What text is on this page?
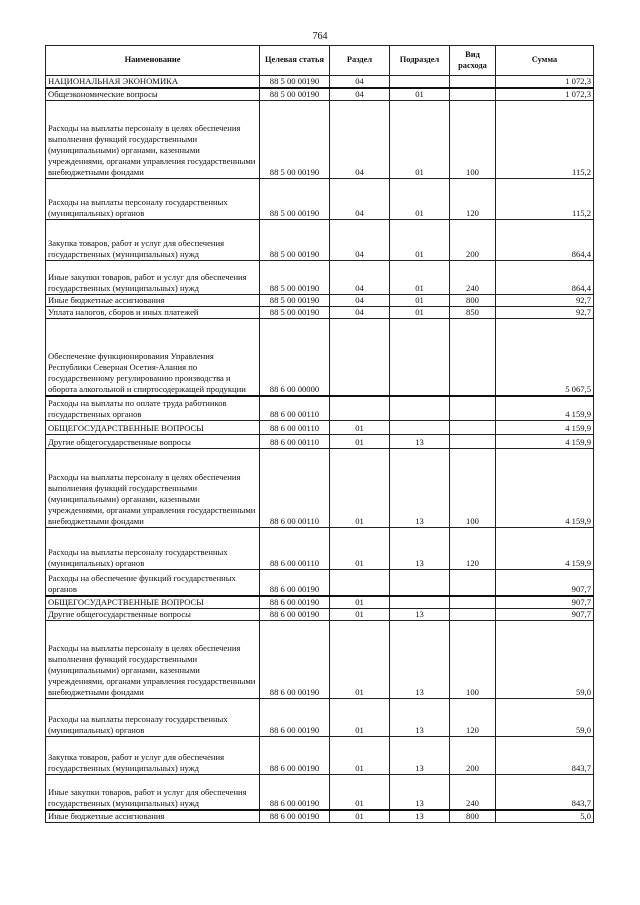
764
Наименование	Целевая статья	Раздел	Подраздел	Вид расхода	Сумма
НАЦИОНАЛЬНАЯ ЭКОНОМИКА	88 5 00 00190	04			1 072,3
Общеэкономические вопросы	88 5 00 00190	04	01		1 072,3
Расходы на выплаты персоналу в целях обеспечения выполнения функций государственными (муниципальными) органами, казенными учреждениями, органами управления государственными внебюджетными фондами	88 5 00 00190	04	01	100	115,2
Расходы на выплаты персоналу государственных (муниципальных) органов	88 5 00 00190	04	01	120	115,2
Закупка товаров, работ и услуг для обеспечения государственных (муниципальных) нужд	88 5 00 00190	04	01	200	864,4
Иные закупки товаров, работ и услуг для обеспечения государственных (муниципальных) нужд	88 5 00 00190	04	01	240	864,4
Иные бюджетные ассигнования	88 5 00 00190	04	01	800	92,7
Уплата налогов, сборов и иных платежей	88 5 00 00190	04	01	850	92,7
Обеспечение функционирования Управления Республики Северная Осетия-Алания по государственному регулированию производства и оборота алкогольной и спиртосодержащей продукции	88 6 00 00000				5 067,5
Расходы на выплаты по оплате труда работников государственных органов	88 6 00 00110				4 159,9
ОБЩЕГОСУДАРСТВЕННЫЕ ВОПРОСЫ	88 6 00 00110	01			4 159,9
Другие общегосударственные вопросы	88 6 00 00110	01	13		4 159,9
Расходы на выплаты персоналу в целях обеспечения выполнения функций государственными (муниципальными) органами, казенными учреждениями, органами управления государственными внебюджетными фондами	88 6 00 00110	01	13	100	4 159,9
Расходы на выплаты персоналу государственных (муниципальных) органов	88 6 00 00110	01	13	120	4 159,9
Расходы на обеспечение функций государственных органов	88 6 00 00190				907,7
ОБЩЕГОСУДАРСТВЕННЫЕ ВОПРОСЫ	88 6 00 00190	01			907,7
Другие общегосударственные вопросы	88 6 00 00190	01	13		907,7
Расходы на выплаты персоналу в целях обеспечения выполнения функций государственными (муниципальными) органами, казенными учреждениями, органами управления государственными внебюджетными фондами	88 6 00 00190	01	13	100	59,0
Расходы на выплаты персоналу государственных (муниципальных) органов	88 6 00 00190	01	13	120	59,0
Закупка товаров, работ и услуг для обеспечения государственных (муниципальных) нужд	88 6 00 00190	01	13	200	843,7
Иные закупки товаров, работ и услуг для обеспечения государственных (муниципальных) нужд	88 6 00 00190	01	13	240	843,7
Иные бюджетные ассигнования	88 6 00 00190	01	13	800	5,0
